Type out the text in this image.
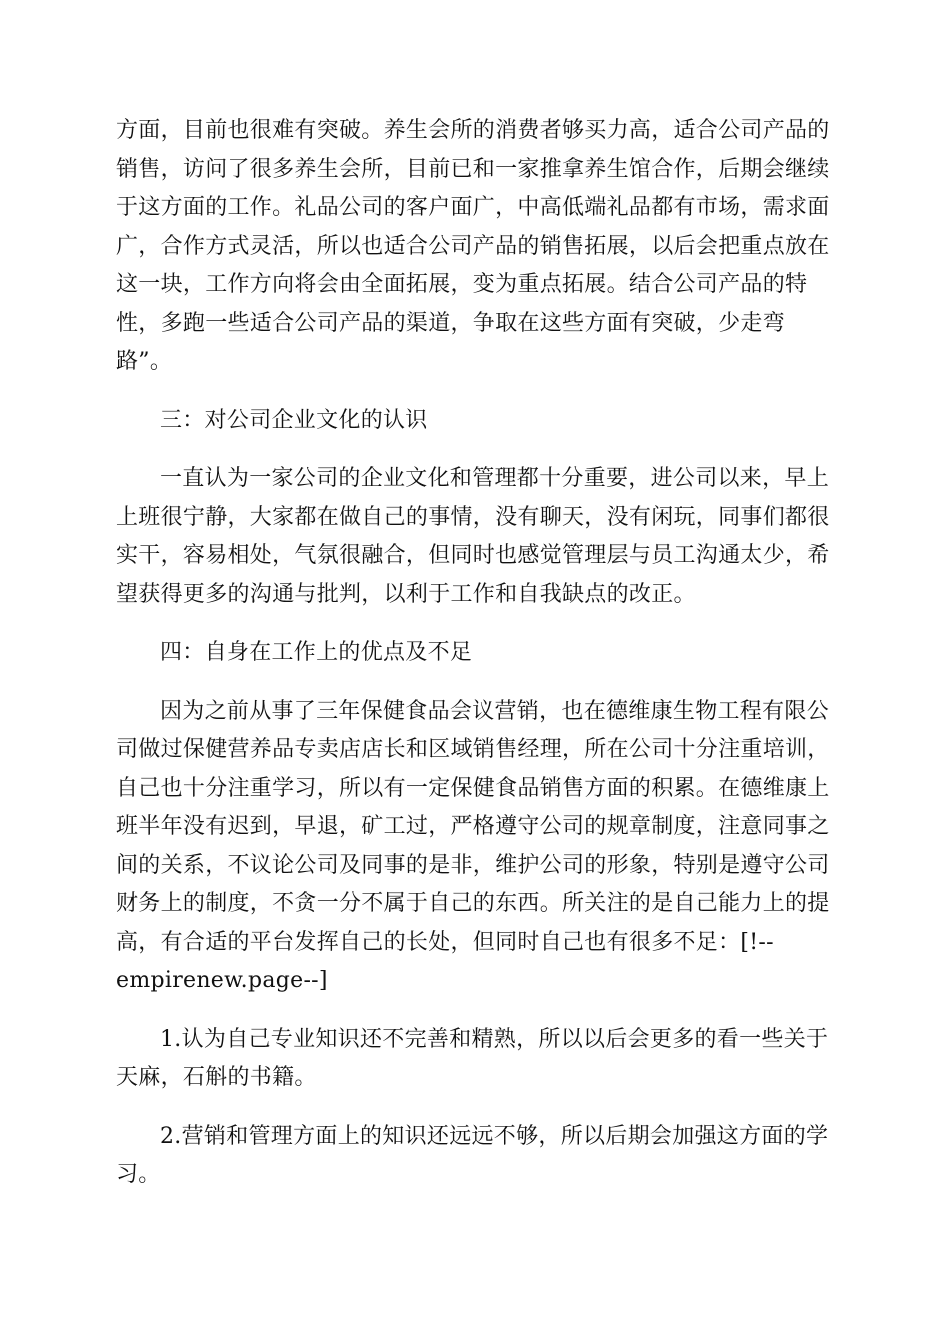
方面，目前也很难有突破。养生会所的消费者够买力高，适合公司产品的
销售，访问了很多养生会所，目前已和一家推拿养生馆合作，后期会继续
于这方面的工作。礼品公司的客户面广，中高低端礼品都有市场，需求面
广，合作方式灵活，所以也适合公司产品的销售拓展，以后会把重点放在
这一块，工作方向将会由全面拓展，变为重点拓展。结合公司产品的特
性，多跑一些适合公司产品的渠道，争取在这些方面有突破，少走弯
路”。

三：对公司企业文化的认识

一直认为一家公司的企业文化和管理都十分重要，进公司以来，早上
上班很宁静，大家都在做自己的事情，没有聊天，没有闲玩，同事们都很
实干，容易相处，气氛很融合，但同时也感觉管理层与员工沟通太少，希
望获得更多的沟通与批判，以利于工作和自我缺点的改正。

四：自身在工作上的优点及不足

因为之前从事了三年保健食品会议营销，也在德维康生物工程有限公
司做过保健营养品专卖店店长和区域销售经理，所在公司十分注重培训，
自己也十分注重学习，所以有一定保健食品销售方面的积累。在德维康上
班半年没有迟到，早退，矿工过，严格遵守公司的规章制度，注意同事之
间的关系，不议论公司及同事的是非，维护公司的形象，特别是遵守公司
财务上的制度，不贪一分不属于自己的东西。所关注的是自己能力上的提
高，有合适的平台发挥自己的长处，但同时自己也有很多不足：[!--
empirenew.page--]

1.认为自己专业知识还不完善和精熟，所以以后会更多的看一些关于
天麻，石斛的书籍。

2.营销和管理方面上的知识还远远不够，所以后期会加强这方面的学
习。
